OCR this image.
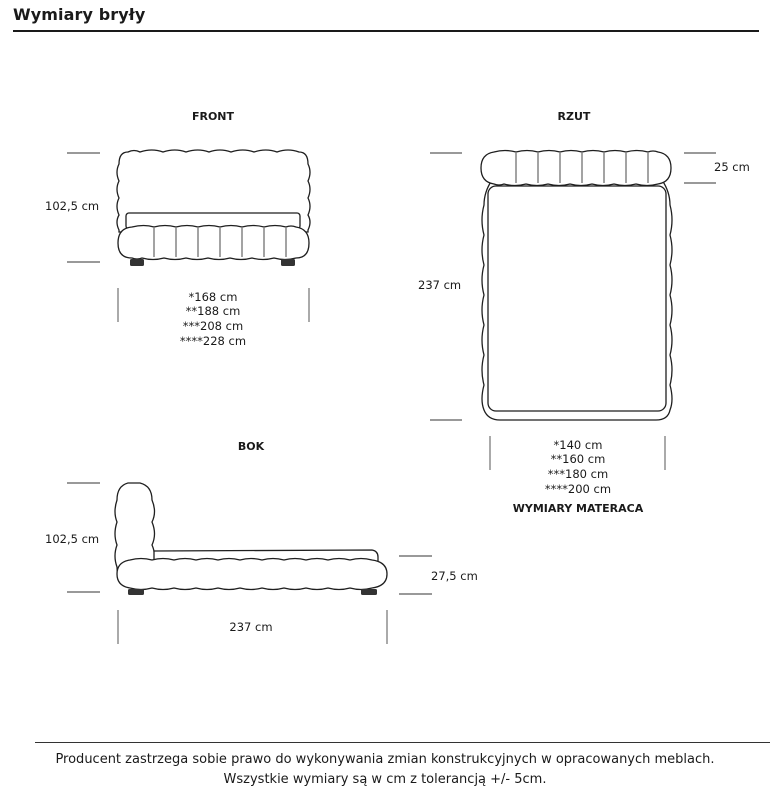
Wymiary bryły
FRONT
102,5 cm
*168 cm
**188 cm
***208 cm
****228 cm
RZUT
25 cm
237 cm
*140 cm
**160 cm
***180 cm
****200 cm
WYMIARY MATERACA
BOK
102,5 cm
27,5 cm
237 cm
Producent zastrzega sobie prawo do wykonywania zmian konstrukcyjnych w opracowanych meblach.
Wszystkie wymiary są w cm z tolerancją +/- 5cm.
